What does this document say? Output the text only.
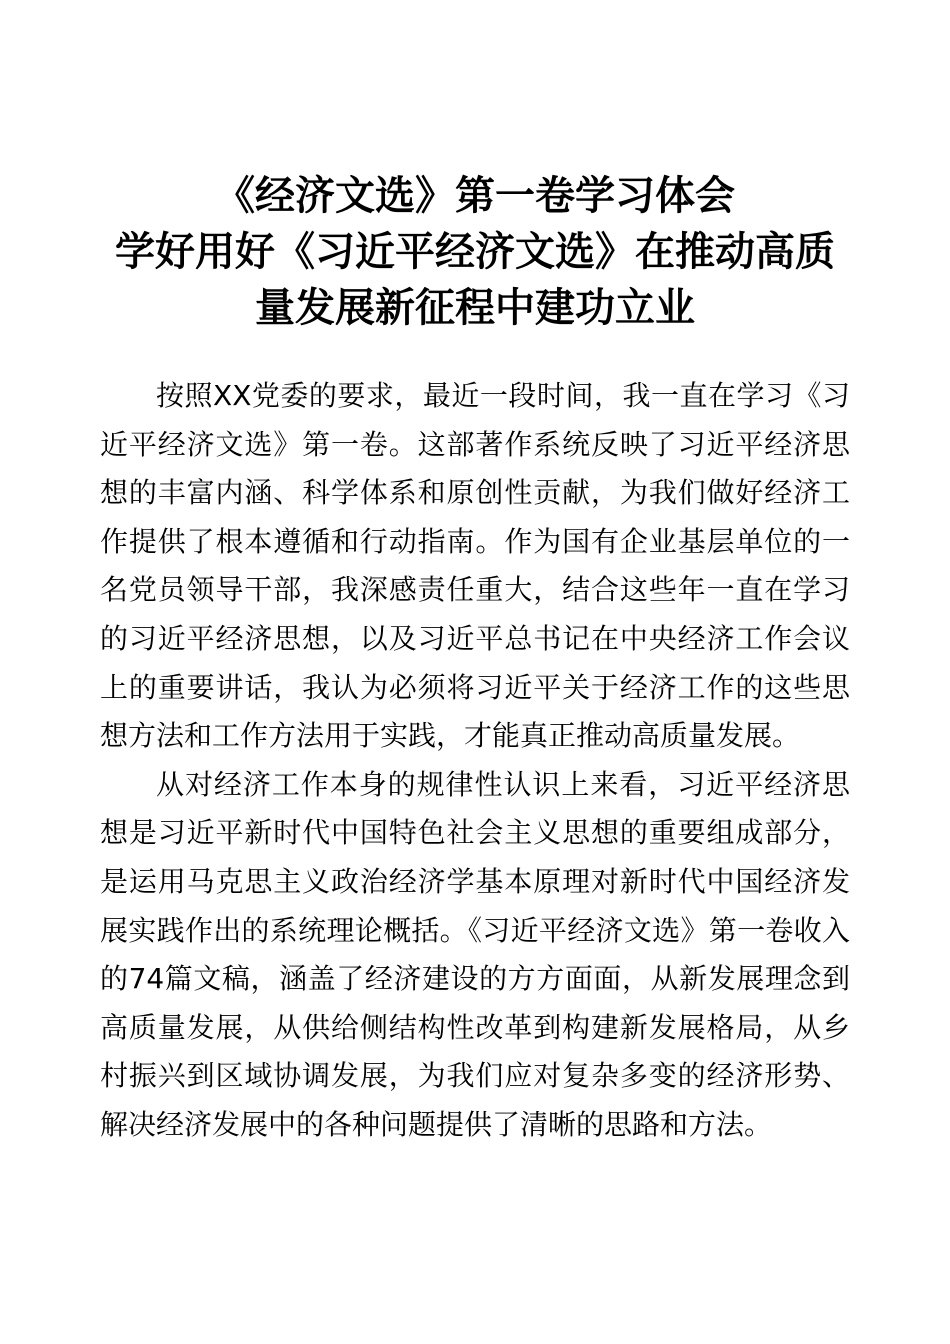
《经济文选》第一卷学习体会

学好用好《习近平经济文选》在推动高质

量发展新征程中建功立业

按照XX党委的要求，最近一段时间，我一直在学习《习近平经济文选》第一卷。这部著作系统反映了习近平经济思想的丰富内涵、科学体系和原创性贡献，为我们做好经济工作提供了根本遵循和行动指南。作为国有企业基层单位的一名党员领导干部，我深感责任重大，结合这些年一直在学习的习近平经济思想，以及习近平总书记在中央经济工作会议上的重要讲话，我认为必须将习近平关于经济工作的这些思想方法和工作方法用于实践，才能真正推动高质量发展。

从对经济工作本身的规律性认识上来看，习近平经济思想是习近平新时代中国特色社会主义思想的重要组成部分，是运用马克思主义政治经济学基本原理对新时代中国经济发展实践作出的系统理论概括。《习近平经济文选》第一卷收入的74篇文稿，涵盖了经济建设的方方面面，从新发展理念到高质量发展，从供给侧结构性改革到构建新发展格局，从乡村振兴到区域协调发展，为我们应对复杂多变的经济形势、解决经济发展中的各种问题提供了清晰的思路和方法。
